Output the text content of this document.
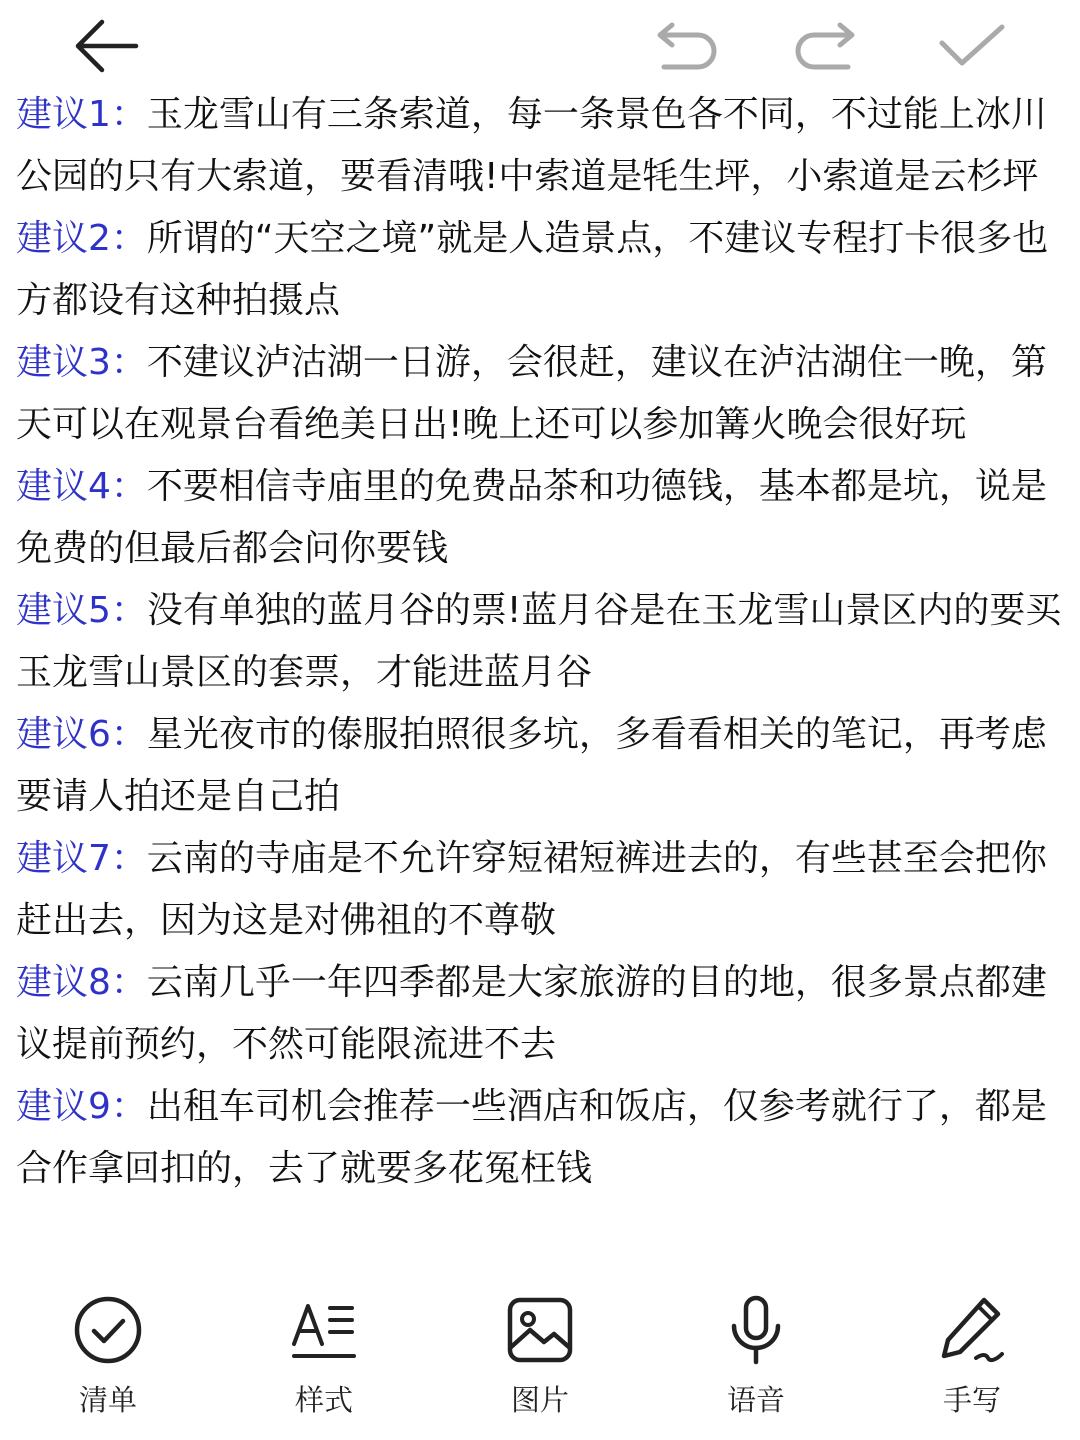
建议1：玉龙雪山有三条索道，每一条景色各不同，不过能上冰川公园的只有大索道，要看清哦!中索道是牦生坪，小索道是云杉坪

建议2：所谓的“天空之境”就是人造景点，不建议专程打卡很多也方都设有这种拍摄点

建议3：不建议泸沽湖一日游，会很赶，建议在泸沽湖住一晚，第天可以在观景台看绝美日出!晚上还可以参加篝火晚会很好玩

建议4：不要相信寺庙里的免费品茶和功德钱，基本都是坑，说是免费的但最后都会问你要钱

建议5：没有单独的蓝月谷的票!蓝月谷是在玉龙雪山景区内的要买玉龙雪山景区的套票，才能进蓝月谷

建议6：星光夜市的傣服拍照很多坑，多看看相关的笔记，再考虑要请人拍还是自己拍

建议7：云南的寺庙是不允许穿短裙短裤进去的，有些甚至会把你赶出去，因为这是对佛祖的不尊敬

建议8：云南几乎一年四季都是大家旅游的目的地，很多景点都建议提前预约，不然可能限流进不去

建议9：出租车司机会推荐一些酒店和饭店，仅参考就行了，都是合作拿回扣的，去了就要多花冤枉钱

清单	样式	图片	语音	手写
